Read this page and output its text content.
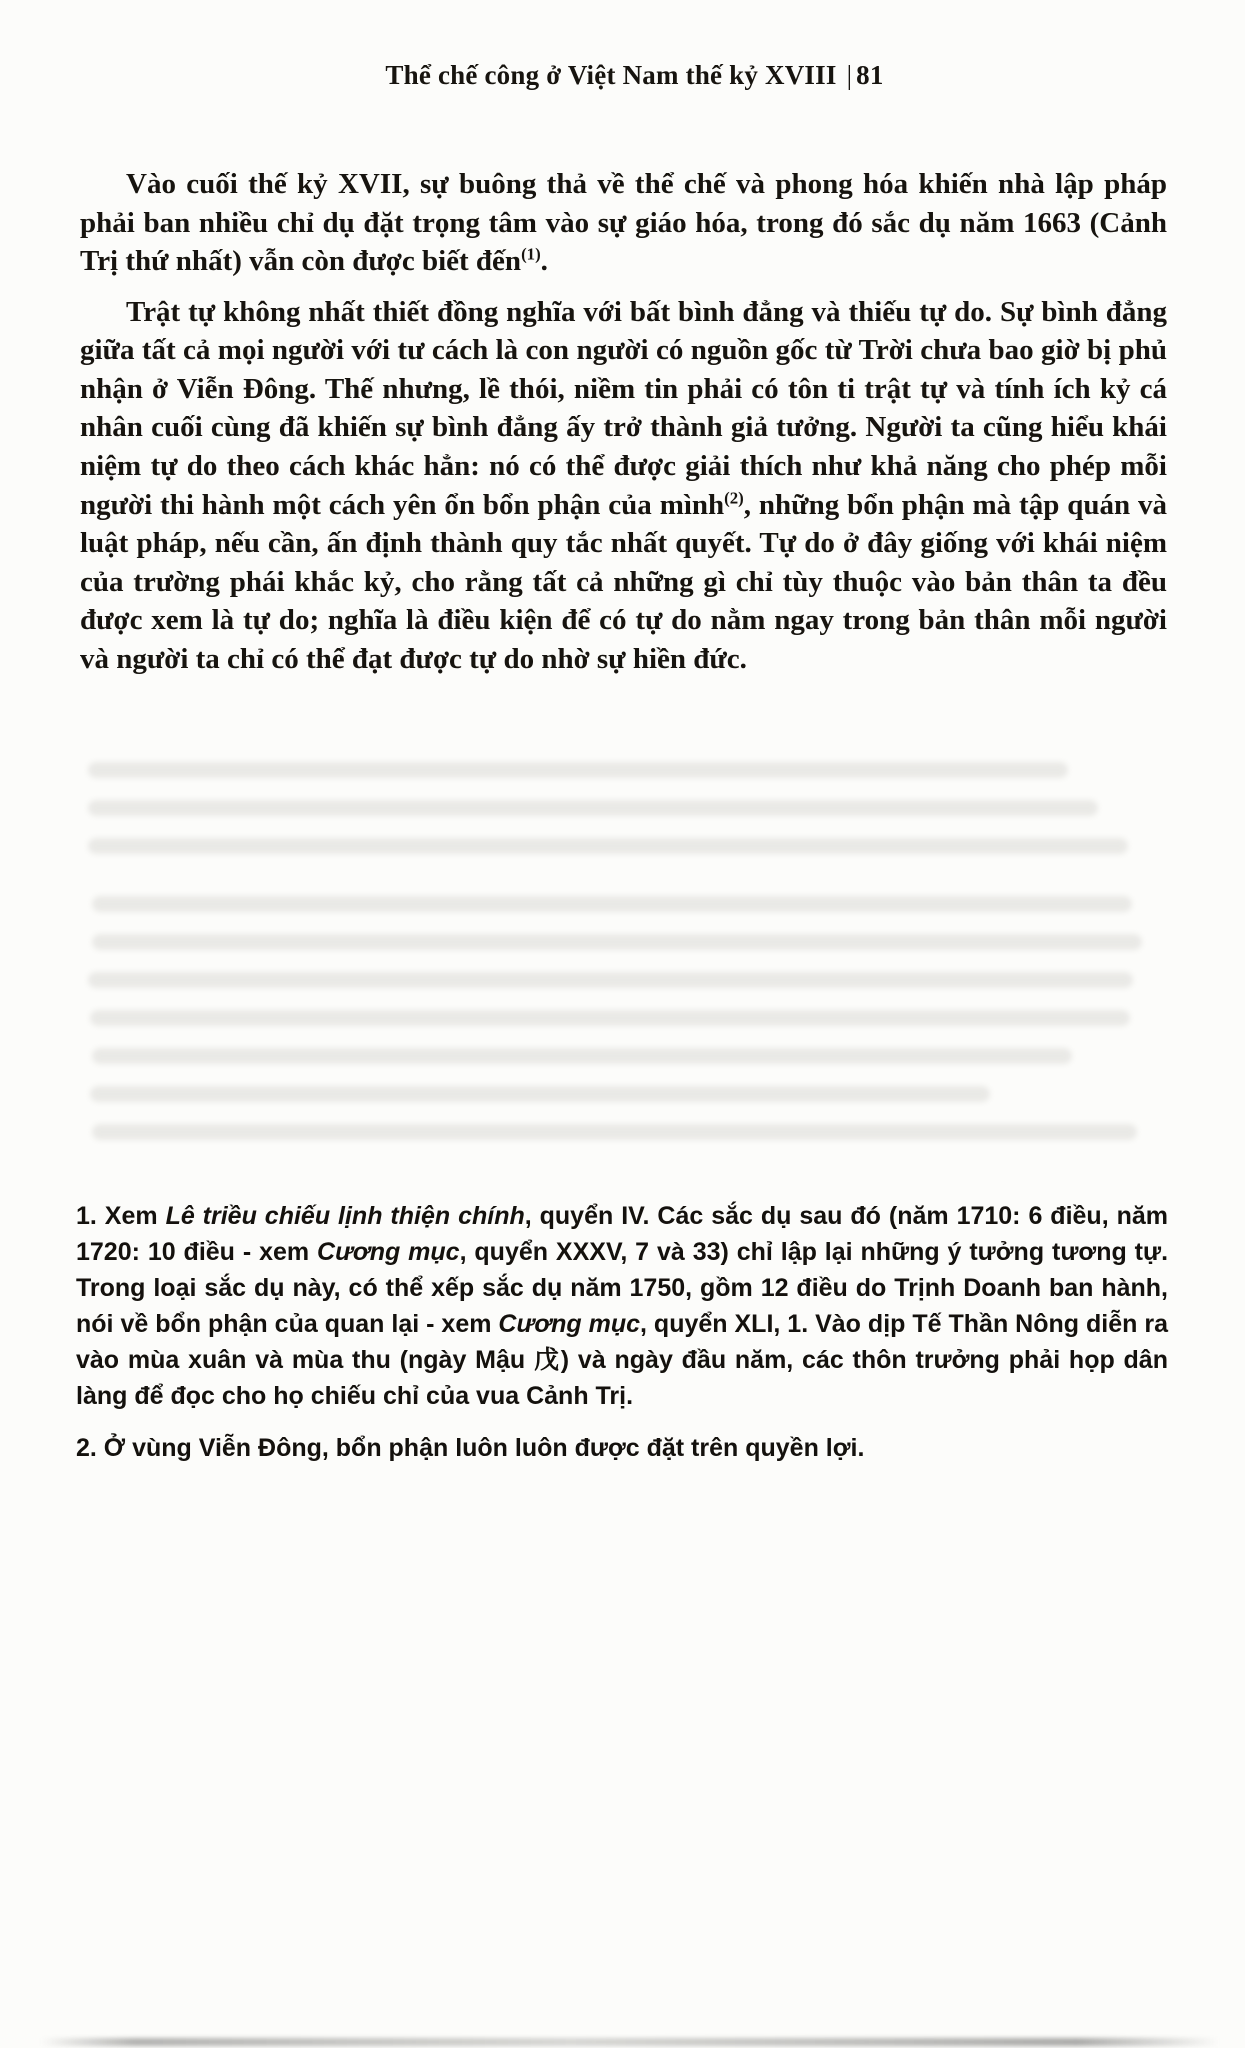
Thể chế công ở Việt Nam thế kỷ XVIII | 81

Vào cuối thế kỷ XVII, sự buông thả về thể chế và phong hóa khiến nhà lập pháp phải ban nhiều chỉ dụ đặt trọng tâm vào sự giáo hóa, trong đó sắc dụ năm 1663 (Cảnh Trị thứ nhất) vẫn còn được biết đến$^{(1)}$.

Trật tự không nhất thiết đồng nghĩa với bất bình đẳng và thiếu tự do. Sự bình đẳng giữa tất cả mọi người với tư cách là con người có nguồn gốc từ Trời chưa bao giờ bị phủ nhận ở Viễn Đông. Thế nhưng, lề thói, niềm tin phải có tôn ti trật tự và tính ích kỷ cá nhân cuối cùng đã khiến sự bình đẳng ấy trở thành giả tưởng. Người ta cũng hiểu khái niệm tự do theo cách khác hẳn: nó có thể được giải thích như khả năng cho phép mỗi người thi hành một cách yên ổn bổn phận của mình$^{(2)}$, những bổn phận mà tập quán và luật pháp, nếu cần, ấn định thành quy tắc nhất quyết. Tự do ở đây giống với khái niệm của trường phái khắc kỷ, cho rằng tất cả những gì chỉ tùy thuộc vào bản thân ta đều được xem là tự do; nghĩa là điều kiện để có tự do nằm ngay trong bản thân mỗi người và người ta chỉ có thể đạt được tự do nhờ sự hiền đức.

1. Xem Lê triều chiếu lịnh thiện chính, quyển IV. Các sắc dụ sau đó (năm 1710: 6 điều, năm 1720: 10 điều - xem Cương mục, quyển XXXV, 7 và 33) chỉ lập lại những ý tưởng tương tự. Trong loại sắc dụ này, có thể xếp sắc dụ năm 1750, gồm 12 điều do Trịnh Doanh ban hành, nói về bổn phận của quan lại - xem Cương mục, quyển XLI, 1. Vào dịp Tế Thần Nông diễn ra vào mùa xuân và mùa thu (ngày Mậu 戊) và ngày đầu năm, các thôn trưởng phải họp dân làng để đọc cho họ chiếu chỉ của vua Cảnh Trị.

2. Ở vùng Viễn Đông, bổn phận luôn luôn được đặt trên quyền lợi.
